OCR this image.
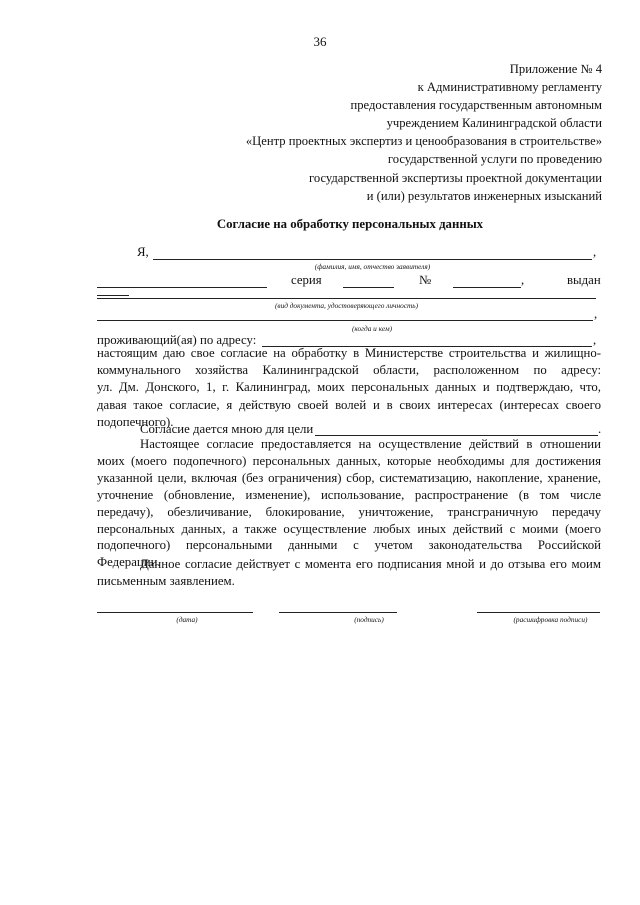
36
Приложение № 4
к Административному регламенту
предоставления государственным автономным
учреждением Калининградской области
«Центр проектных экспертиз и ценообразования в строительстве»
государственной услуги по проведению
государственной экспертизы проектной документации
и (или) результатов инженерных изысканий
Согласие на обработку персональных данных
Я,	,
(фамилия, имя, отчество заявителя)
серия	№	,	выдан
(вид документа, удостоверяющего личность)
,
(когда и кем)
проживающий(ая) по адресу:	,
настоящим даю свое согласие на обработку в Министерстве строительства и жилищно-
коммунального хозяйства Калининградской области, расположенном по адресу:
ул. Дм. Донского, 1, г. Калининград, моих персональных данных и подтверждаю, что,
давая такое согласие, я действую своей волей и в своих интересах (интересах своего
подопечного).
Согласие дается мною для цели	.
Настоящее согласие предоставляется на осуществление действий в отношении
моих (моего подопечного) персональных данных, которые необходимы для достижения
указанной цели, включая (без ограничения) сбор, систематизацию, накопление, хранение,
уточнение (обновление, изменение), использование, распространение (в том числе
передачу), обезличивание, блокирование, уничтожение, трансграничную передачу
персональных данных, а также осуществление любых иных действий с моими (моего
подопечного) персональными данными с учетом законодательства Российской
Федерации.
Данное согласие действует с момента его подписания мной и до отзыва его моим
письменным заявлением.
(дата)	(подпись)	(расшифровка подписи)
